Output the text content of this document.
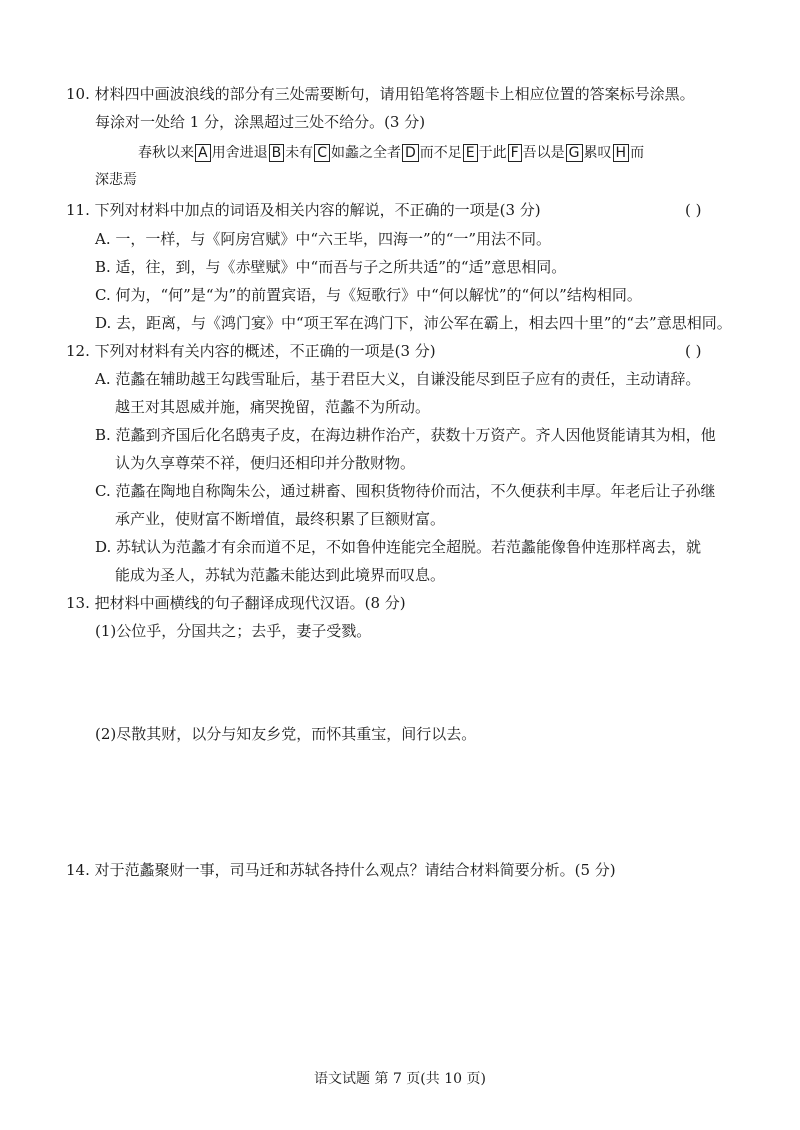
10. 材料四中画波浪线的部分有三处需要断句，请用铅笔将答题卡上相应位置的答案标号涂黑。
每涂对一处给 1 分，涂黑超过三处不给分。(3 分)
春秋以来 A 用舍进退 B 未有 C 如蠡之全者 D 而不足 E 于此 F 吾以是 G 累叹 H 而
深悲焉
11. 下列对材料中加点的词语及相关内容的解说，不正确的一项是(3 分)	( )
A. 一，一样，与《阿房宫赋》中“六王毕，四海一”的“一”用法不同。
B. 适，往，到，与《赤壁赋》中“而吾与子之所共适”的“适”意思相同。
C. 何为，“何”是“为”的前置宾语，与《短歌行》中“何以解忧”的“何以”结构相同。
D. 去，距离，与《鸿门宴》中“项王军在鸿门下，沛公军在霸上，相去四十里”的“去”意思相同。
12. 下列对材料有关内容的概述，不正确的一项是(3 分)	( )
A. 范蠡在辅助越王勾践雪耻后，基于君臣大义，自谦没能尽到臣子应有的责任，主动请辞。
越王对其恩威并施，痛哭挽留，范蠡不为所动。
B. 范蠡到齐国后化名鸱夷子皮，在海边耕作治产，获数十万资产。齐人因他贤能请其为相，他
认为久享尊荣不祥，便归还相印并分散财物。
C. 范蠡在陶地自称陶朱公，通过耕畜、囤积货物待价而沽，不久便获利丰厚。年老后让子孙继
承产业，使财富不断增值，最终积累了巨额财富。
D. 苏轼认为范蠡才有余而道不足，不如鲁仲连能完全超脱。若范蠡能像鲁仲连那样离去，就
能成为圣人，苏轼为范蠡未能达到此境界而叹息。
13. 把材料中画横线的句子翻译成现代汉语。(8 分)
(1)公位乎，分国共之；去乎，妻子受戮。
(2)尽散其财，以分与知友乡党，而怀其重宝，间行以去。
14. 对于范蠡聚财一事，司马迁和苏轼各持什么观点？请结合材料简要分析。(5 分)
语文试题 第 7 页(共 10 页)
